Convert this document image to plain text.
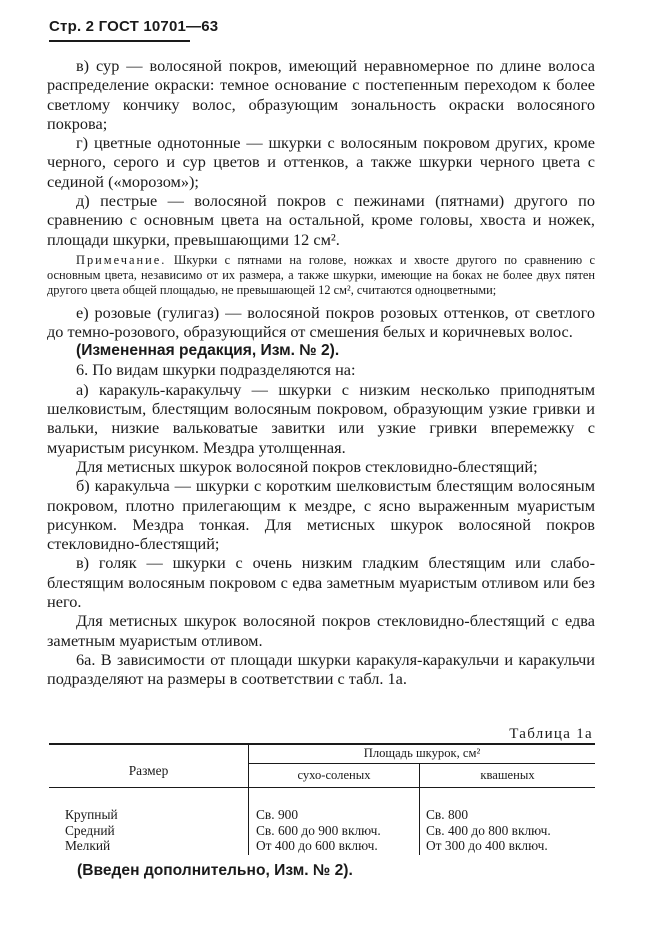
Стр. 2 ГОСТ 10701—63

в) сур — волосяной покров, имеющий неравномерное по длине волоса распределение окраски: темное основание с постепенным переходом к более светлому кончику волос, образующим зональность окраски волосяного покрова;

г) цветные однотонные — шкурки с волосяным покровом других, кроме черного, серого и сур цветов и оттенков, а также шкурки черного цвета с сединой («морозом»);

д) пестрые — волосяной покров с пежинами (пятнами) другого по сравнению с основным цвета на остальной, кроме головы, хвоста и ножек, площади шкурки, превышающими 12 см².

Примечание. Шкурки с пятнами на голове, ножках и хвосте другого по сравнению с основным цвета, независимо от их размера, а также шкурки, имеющие на боках не более двух пятен другого цвета общей площадью, не превышающей 12 см², считаются одноцветными;

е) розовые (гулигаз) — волосяной покров розовых оттенков, от светлого до темно-розового, образующийся от смешения белых и коричневых волос.

(Измененная редакция, Изм. № 2).

6. По видам шкурки подразделяются на:

а) каракуль-каракульчу — шкурки с низким несколько приподнятым шелковистым, блестящим волосяным покровом, образующим узкие гривки и вальки, низкие вальковатые завитки или узкие гривки вперемежку с муаристым рисунком. Мездра утолщенная.

Для метисных шкурок волосяной покров стекловидно-блестящий;

б) каракульча — шкурки с коротким шелковистым блестящим волосяным покровом, плотно прилегающим к мездре, с ясно выраженным муаристым рисунком. Мездра тонкая. Для метисных шкурок волосяной покров стекловидно-блестящий;

в) голяк — шкурки с очень низким гладким блестящим или слабо-блестящим волосяным покровом с едва заметным муаристым отливом или без него.

Для метисных шкурок волосяной покров стекловидно-блестящий с едва заметным муаристым отливом.

6а. В зависимости от площади шкурки каракуля-каракульчи и каракульчи подразделяют на размеры в соответствии с табл. 1а.

Таблица 1а
Размер
Площадь шкурок, см²
сухо-соленых	квашеных
Крупный	Св. 900	Св. 800
Средний	Св. 600 до 900 включ.	Св. 400 до 800 включ.
Мелкий	От 400 до 600 включ.	От 300 до 400 включ.
(Введен дополнительно, Изм. № 2).
